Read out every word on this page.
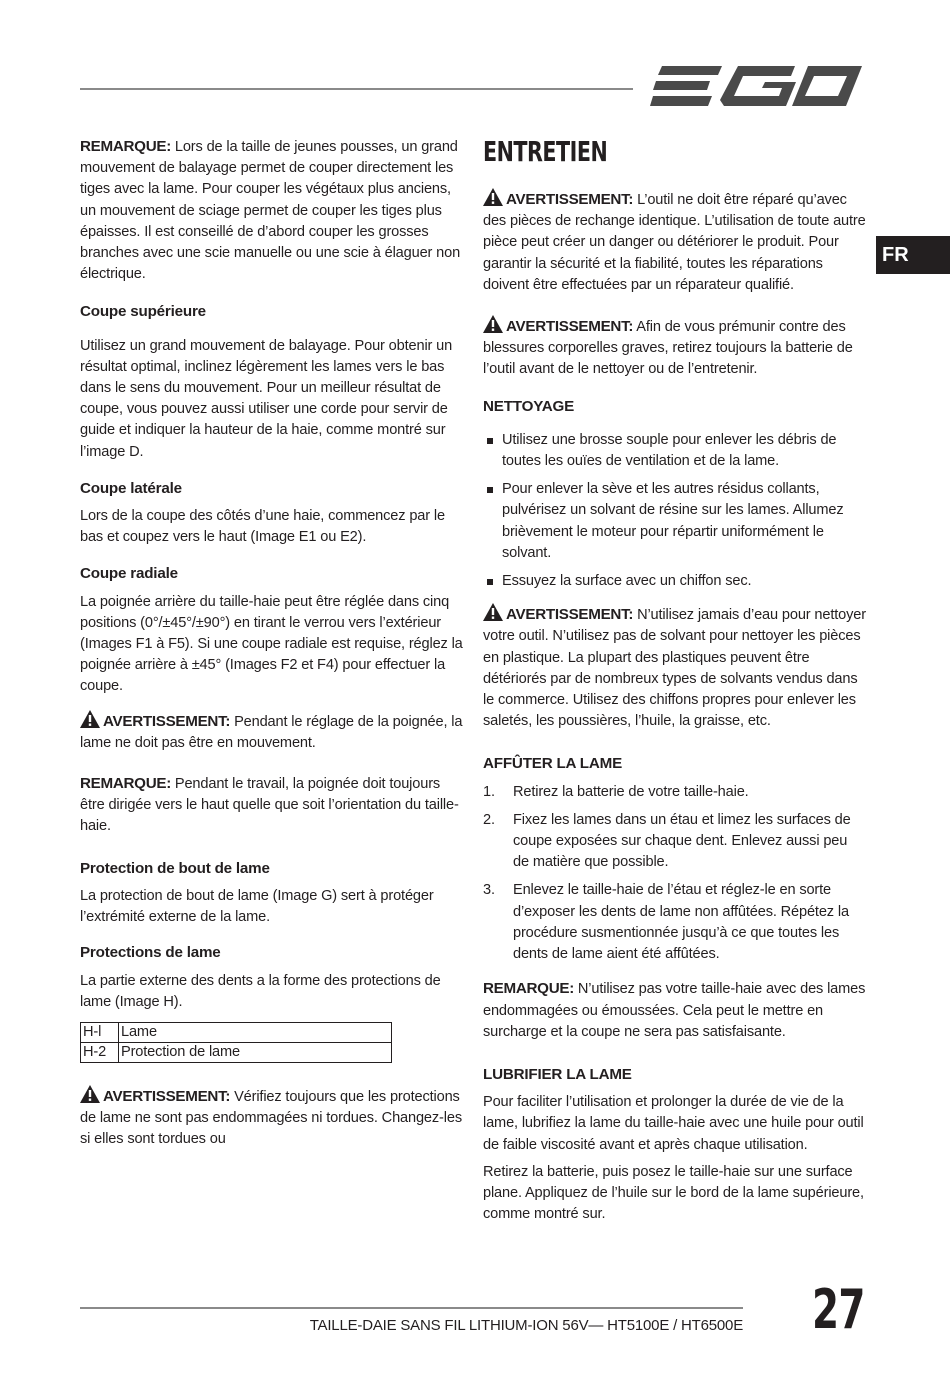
FR

REMARQUE: Lors de la taille de jeunes pousses, un grand mouvement de balayage permet de couper directement les tiges avec la lame. Pour couper les végétaux plus anciens, un mouvement de sciage permet de couper les tiges plus épaisses. Il est conseillé de d’abord couper les grosses branches avec une scie manuelle ou une scie à élaguer non électrique.

Coupe supérieure

Utilisez un grand mouvement de balayage. Pour obtenir un résultat optimal, inclinez légèrement les lames vers le bas dans le sens du mouvement. Pour un meilleur résultat de coupe, vous pouvez aussi utiliser une corde pour servir de guide et indiquer la hauteur de la haie, comme montré sur l’image D.

Coupe latérale

Lors de la coupe des côtés d’une haie, commencez par le bas et coupez vers le haut (Image E1 ou E2).

Coupe radiale

La poignée arrière du taille-haie peut être réglée dans cinq positions (0°/±45°/±90°) en tirant le verrou vers l’extérieur (Images F1 à F5). Si une coupe radiale est requise, réglez la poignée arrière à ±45° (Images F2 et F4) pour effectuer la coupe.

AVERTISSEMENT: Pendant le réglage de la poignée, la lame ne doit pas être en mouvement.

REMARQUE: Pendant le travail, la poignée doit toujours être dirigée vers le haut quelle que soit l’orientation du taille-haie.

Protection de bout de lame

La protection de bout de lame (Image G) sert à protéger l’extrémité externe de la lame.

Protections de lame

La partie externe des dents a la forme des protections de lame (Image H).

H-l	Lame
H-2	Protection de lame

AVERTISSEMENT: Vérifiez toujours que les protections de lame ne sont pas endommagées ni tordues. Changez-les si elles sont tordues ou

ENTRETIEN

AVERTISSEMENT: L’outil ne doit être réparé qu’avec des pièces de rechange identique. L’utilisation de toute autre pièce peut créer un danger ou détériorer le produit. Pour garantir la sécurité et la fiabilité, toutes les réparations doivent être effectuées par un réparateur qualifié.

AVERTISSEMENT: Afin de vous prémunir contre des blessures corporelles graves, retirez toujours la batterie de l’outil avant de le nettoyer ou de l’entretenir.

NETTOYAGE

Utilisez une brosse souple pour enlever les débris de toutes les ouïes de ventilation et de la lame.
Pour enlever la sève et les autres résidus collants, pulvérisez un solvant de résine sur les lames. Allumez brièvement le moteur pour répartir uniformément le solvant.
Essuyez la surface avec un chiffon sec.

AVERTISSEMENT: N’utilisez jamais d’eau pour nettoyer votre outil. N’utilisez pas de solvant pour nettoyer les pièces en plastique. La plupart des plastiques peuvent être détériorés par de nombreux types de solvants vendus dans le commerce. Utilisez des chiffons propres pour enlever les saletés, les poussières, l’huile, la graisse, etc.

AFFÛTER LA LAME

1. Retirez la batterie de votre taille-haie.
2. Fixez les lames dans un étau et limez les surfaces de coupe exposées sur chaque dent. Enlevez aussi peu de matière que possible.
3. Enlevez le taille-haie de l’étau et réglez-le en sorte d’exposer les dents de lame non affûtées. Répétez la procédure susmentionnée jusqu’à ce que toutes les dents de lame aient été affûtées.

REMARQUE: N’utilisez pas votre taille-haie avec des lames endommagées ou émoussées. Cela peut le mettre en surcharge et la coupe ne sera pas satisfaisante.

LUBRIFIER LA LAME

Pour faciliter l’utilisation et prolonger la durée de vie de la lame, lubrifiez la lame du taille-haie avec une huile pour outil de faible viscosité avant et après chaque utilisation.

Retirez la batterie, puis posez le taille-haie sur une surface plane. Appliquez de l’huile sur le bord de la lame supérieure, comme montré sur.

TAILLE-DAIE SANS FIL LITHIUM-ION 56V— HT5100E / HT6500E 27
